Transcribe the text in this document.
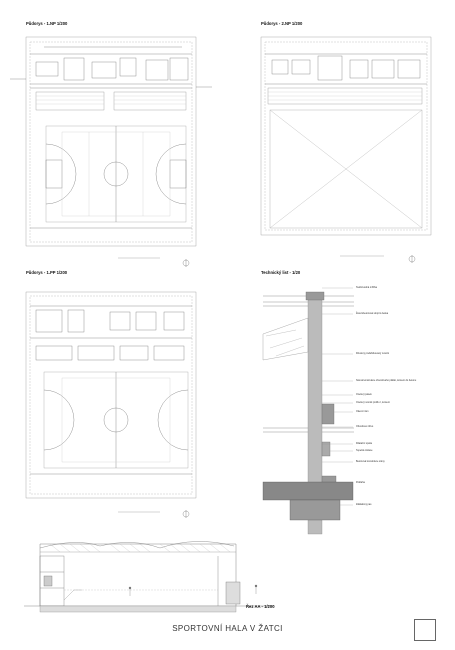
Půdorys - 1.NP 1/200	Půdorys - 2.NP 1/200
Půdorys - 1.PP 1/200	Technický list - 1/20
Řez AA - 1/200
Světlovodná mřížka
Železobetonová stropní deska
Dřevěný prefabrikovaný nosník
Nosná konstrukce obvodového pláště, kotvení do betonu
Ocelový pásek
Ocelový nosník profilu I, kotvení
Okenní rám
Obvodové zdivo
Dilatační spára
Tepelná izolace
Betonová konstrukce stěny
Podlaha
Základový pas
SPORTOVNÍ HALA V ŽATCI
